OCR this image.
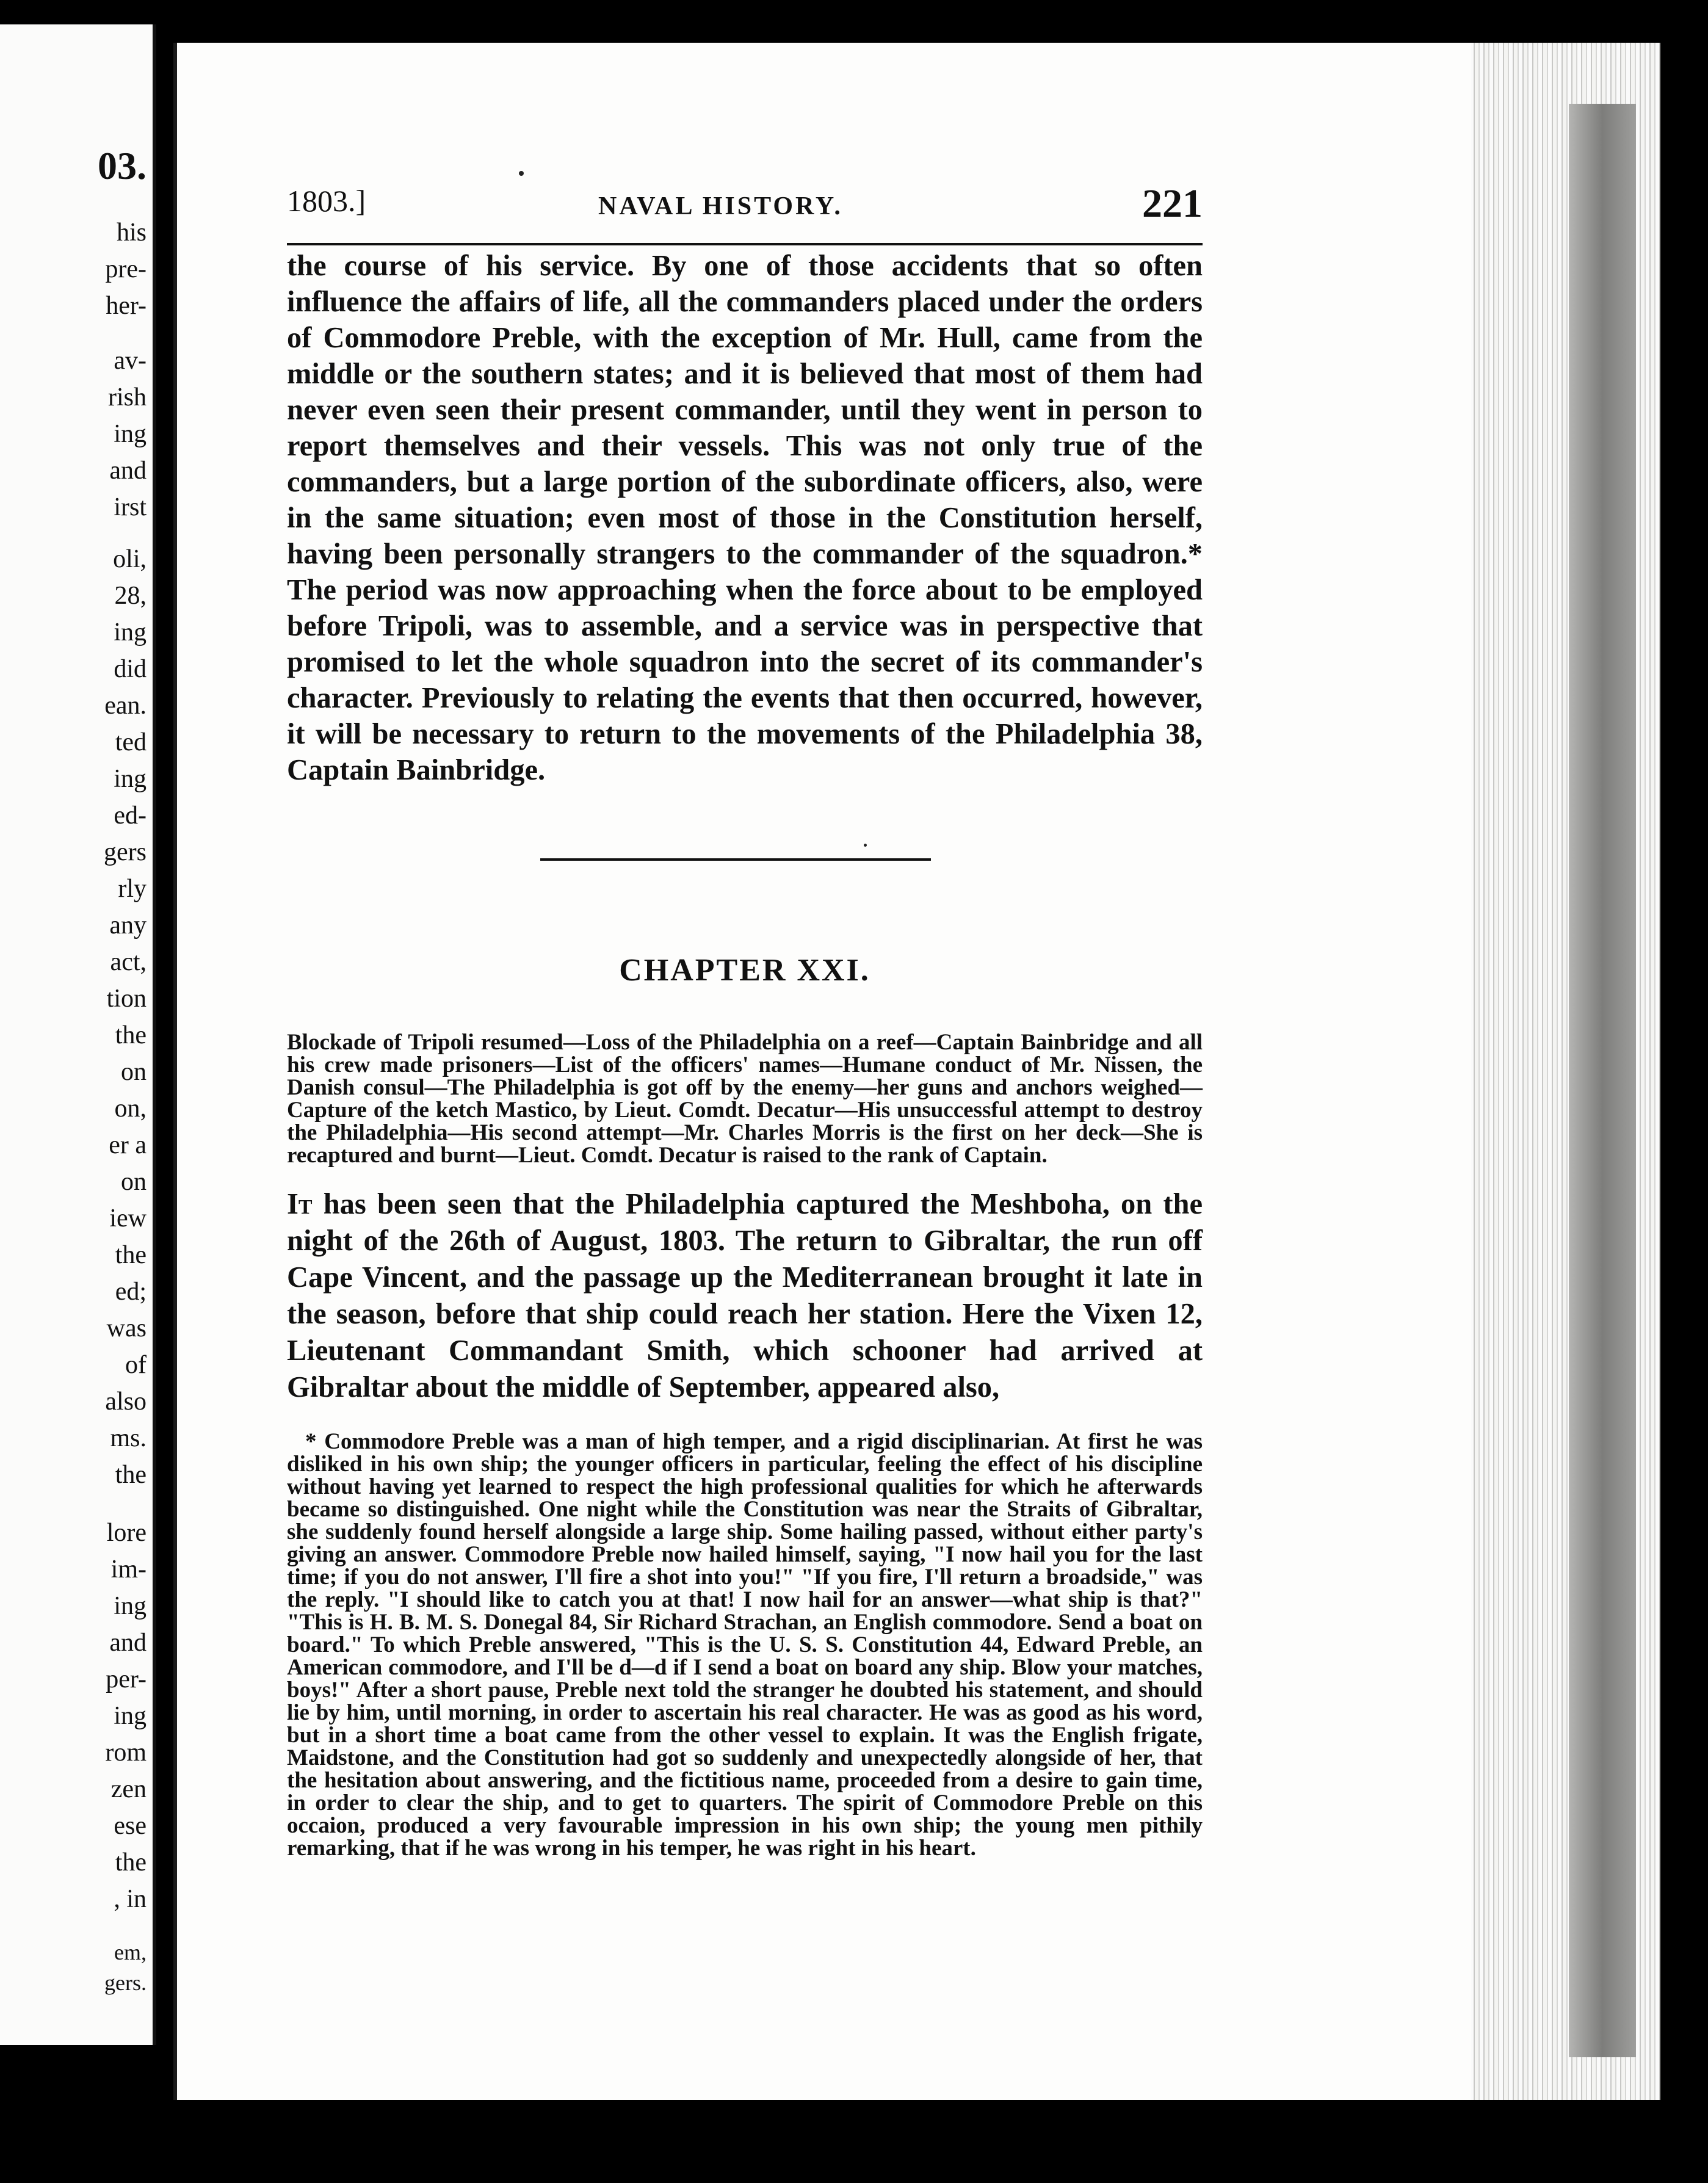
03.
his
pre-
her-
av-
rish
ing
and
irst
oli,
28,
ing
did
ean.
ted
ing
ed-
gers
rly
any
act,
tion
the
on
on,
er a
on
iew
the
ed;
was
of
also
ms.
the
lore
im-
ing
and
per-
ing
rom
zen
ese
the
, in
em,
gers.
1803.]	NAVAL HISTORY.	221

the course of his service. By one of those accidents that so often influence the affairs of life, all the commanders placed under the orders of Commodore Preble, with the exception of Mr. Hull, came from the middle or the southern states; and it is believed that most of them had never even seen their present commander, until they went in person to report themselves and their vessels. This was not only true of the commanders, but a large portion of the subordinate officers, also, were in the same situation; even most of those in the Constitution herself, having been personally strangers to the commander of the squadron.* The period was now approaching when the force about to be employed before Tripoli, was to assemble, and a service was in perspective that promised to let the whole squadron into the secret of its commander's character. Previously to relating the events that then occurred, however, it will be necessary to return to the movements of the Philadelphia 38, Captain Bainbridge.

CHAPTER XXI.
Blockade of Tripoli resumed—Loss of the Philadelphia on a reef—Captain Bainbridge and all his crew made prisoners—List of the officers' names—Humane conduct of Mr. Nissen, the Danish consul—The Philadelphia is got off by the enemy—her guns and anchors weighed—Capture of the ketch Mastico, by Lieut. Comdt. Decatur—His unsuccessful attempt to destroy the Philadelphia—His second attempt—Mr. Charles Morris is the first on her deck—She is recaptured and burnt—Lieut. Comdt. Decatur is raised to the rank of Captain.
It has been seen that the Philadelphia captured the Meshboha, on the night of the 26th of August, 1803. The return to Gibraltar, the run off Cape Vincent, and the passage up the Mediterranean brought it late in the season, before that ship could reach her station. Here the Vixen 12, Lieutenant Commandant Smith, which schooner had arrived at Gibraltar about the middle of September, appeared also,
* Commodore Preble was a man of high temper, and a rigid disciplinarian. At first he was disliked in his own ship; the younger officers in particular, feeling the effect of his discipline without having yet learned to respect the high professional qualities for which he afterwards became so distinguished. One night while the Constitution was near the Straits of Gibraltar, she suddenly found herself alongside a large ship. Some hailing passed, without either party's giving an answer. Commodore Preble now hailed himself, saying, "I now hail you for the last time; if you do not answer, I'll fire a shot into you!" "If you fire, I'll return a broadside," was the reply. "I should like to catch you at that! I now hail for an answer—what ship is that?" "This is H. B. M. S. Donegal 84, Sir Richard Strachan, an English commodore. Send a boat on board." To which Preble answered, "This is the U. S. S. Constitution 44, Edward Preble, an American commodore, and I'll be d—d if I send a boat on board any ship. Blow your matches, boys!" After a short pause, Preble next told the stranger he doubted his statement, and should lie by him, until morning, in order to ascertain his real character. He was as good as his word, but in a short time a boat came from the other vessel to explain. It was the English frigate, Maidstone, and the Constitution had got so suddenly and unexpectedly alongside of her, that the hesitation about answering, and the fictitious name, proceeded from a desire to gain time, in order to clear the ship, and to get to quarters. The spirit of Commodore Preble on this occaion, produced a very favourable impression in his own ship; the young men pithily remarking, that if he was wrong in his temper, he was right in his heart.
